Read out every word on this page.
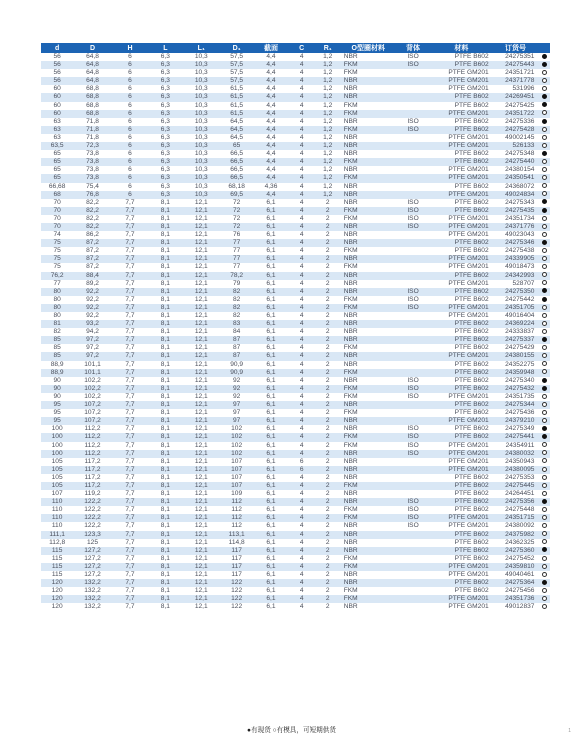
d	D	H	L	L₁	D₁	截面	C	R₁	O型圈材料	背体	材料	订货号	
56	64,8	6	6,3	10,3	57,5	4,4	4	1,2	NBR	ISO	PTFE B602	24275351	
56	64,8	6	6,3	10,3	57,5	4,4	4	1,2	FKM	ISO	PTFE B602	24275443	
56	64,8	6	6,3	10,3	57,5	4,4	4	1,2	FKM		PTFE GM201	24351721	
56	64,8	6	6,3	10,3	57,5	4,4	4	1,2	NBR		PTFE GM201	24371778	
60	68,8	6	6,3	10,3	61,5	4,4	4	1,2	NBR		PTFE GM201	531996	
60	68,8	6	6,3	10,3	61,5	4,4	4	1,2	NBR		PTFE B602	24269451	
60	68,8	6	6,3	10,3	61,5	4,4	4	1,2	FKM		PTFE B602	24275425	
60	68,8	6	6,3	10,3	61,5	4,4	4	1,2	FKM		PTFE GM201	24351722	
63	71,8	6	6,3	10,3	64,5	4,4	4	1,2	NBR	ISO	PTFE B602	24275336	
63	71,8	6	6,3	10,3	64,5	4,4	4	1,2	FKM	ISO	PTFE B602	24275428	
63	71,8	6	6,3	10,3	64,5	4,4	4	1,2	NBR		PTFE GM201	49002145	
63,5	72,3	6	6,3	10,3	65	4,4	4	1,2	NBR		PTFE GM201	526133	
65	73,8	6	6,3	10,3	66,5	4,4	4	1,2	NBR		PTFE B602	24275348	
65	73,8	6	6,3	10,3	66,5	4,4	4	1,2	FKM		PTFE B602	24275440	
65	73,8	6	6,3	10,3	66,5	4,4	4	1,2	NBR		PTFE GM201	24380154	
65	73,8	6	6,3	10,3	66,5	4,4	4	1,2	FKM		PTFE GM201	24350541	
66,68	75,4	6	6,3	10,3	68,18	4,36	4	1,2	NBR		PTFE B602	24368072	
68	76,8	6	6,3	10,3	69,5	4,4	4	1,2	NBR		PTFE GM201	49024834	
70	82,2	7,7	8,1	12,1	72	6,1	4	2	NBR	ISO	PTFE B602	24275343	
70	82,2	7,7	8,1	12,1	72	6,1	4	2	FKM	ISO	PTFE B602	24275435	
70	82,2	7,7	8,1	12,1	72	6,1	4	2	FKM	ISO	PTFE GM201	24351734	
70	82,2	7,7	8,1	12,1	72	6,1	4	2	NBR	ISO	PTFE GM201	24371776	
74	86,2	7,7	8,1	12,1	76	6,1	4	2	NBR		PTFE GM201	49023043	
75	87,2	7,7	8,1	12,1	77	6,1	4	2	NBR		PTFE B602	24275346	
75	87,2	7,7	8,1	12,1	77	6,1	4	2	FKM		PTFE B602	24275438	
75	87,2	7,7	8,1	12,1	77	6,1	4	2	NBR		PTFE GM201	24339905	
75	87,2	7,7	8,1	12,1	77	6,1	4	2	FKM		PTFE GM201	49018473	
76,2	88,4	7,7	8,1	12,1	78,2	6,1	4	2	NBR		PTFE B602	24342993	
77	89,2	7,7	8,1	12,1	79	6,1	4	2	NBR		PTFE GM201	528707	
80	92,2	7,7	8,1	12,1	82	6,1	4	2	NBR	ISO	PTFE B602	24275350	
80	92,2	7,7	8,1	12,1	82	6,1	4	2	FKM	ISO	PTFE B602	24275442	
80	92,2	7,7	8,1	12,1	82	6,1	4	2	FKM	ISO	PTFE GM201	24351705	
80	92,2	7,7	8,1	12,1	82	6,1	4	2	NBR		PTFE GM201	49016404	
81	93,2	7,7	8,1	12,1	83	6,1	4	2	NBR		PTFE B602	24369224	
82	94,2	7,7	8,1	12,1	84	6,1	4	2	NBR		PTFE B602	24333837	
85	97,2	7,7	8,1	12,1	87	6,1	4	2	NBR		PTFE B602	24275337	
85	97,2	7,7	8,1	12,1	87	6,1	4	2	FKM		PTFE B602	24275429	
85	97,2	7,7	8,1	12,1	87	6,1	4	2	NBR		PTFE GM201	24380155	
88,9	101,1	7,7	8,1	12,1	90,9	6,1	4	2	NBR		PTFE B602	24352275	
88,9	101,1	7,7	8,1	12,1	90,9	6,1	4	2	FKM		PTFE B602	24359948	
90	102,2	7,7	8,1	12,1	92	6,1	4	2	NBR	ISO	PTFE B602	24275340	
90	102,2	7,7	8,1	12,1	92	6,1	4	2	FKM	ISO	PTFE B602	24275432	
90	102,2	7,7	8,1	12,1	92	6,1	4	2	FKM	ISO	PTFE GM201	24351735	
95	107,2	7,7	8,1	12,1	97	6,1	4	2	NBR		PTFE B602	24275344	
95	107,2	7,7	8,1	12,1	97	6,1	4	2	FKM		PTFE B602	24275436	
95	107,2	7,7	8,1	12,1	97	6,1	4	2	NBR		PTFE GM201	24379210	
100	112,2	7,7	8,1	12,1	102	6,1	4	2	NBR	ISO	PTFE B602	24275349	
100	112,2	7,7	8,1	12,1	102	6,1	4	2	FKM	ISO	PTFE B602	24275441	
100	112,2	7,7	8,1	12,1	102	6,1	4	2	FKM	ISO	PTFE GM201	24354911	
100	112,2	7,7	8,1	12,1	102	6,1	4	2	NBR	ISO	PTFE GM201	24380032	
105	117,2	7,7	8,1	12,1	107	6,1	6	2	NBR		PTFE GM201	24350943	
105	117,2	7,7	8,1	12,1	107	6,1	6	2	NBR		PTFE GM201	24380095	
105	117,2	7,7	8,1	12,1	107	6,1	4	2	NBR		PTFE B602	24275353	
105	117,2	7,7	8,1	12,1	107	6,1	4	2	FKM		PTFE B602	24275445	
107	119,2	7,7	8,1	12,1	109	6,1	4	2	NBR		PTFE B602	24264451	
110	122,2	7,7	8,1	12,1	112	6,1	4	2	NBR	ISO	PTFE B602	24275356	
110	122,2	7,7	8,1	12,1	112	6,1	4	2	FKM	ISO	PTFE B602	24275448	
110	122,2	7,7	8,1	12,1	112	6,1	4	2	FKM	ISO	PTFE GM201	24351715	
110	122,2	7,7	8,1	12,1	112	6,1	4	2	NBR	ISO	PTFE GM201	24380092	
111,1	123,3	7,7	8,1	12,1	113,1	6,1	4	2	NBR		PTFE B602	24375982	
112,8	125	7,7	8,1	12,1	114,8	6,1	4	2	NBR		PTFE B602	24362325	
115	127,2	7,7	8,1	12,1	117	6,1	4	2	NBR		PTFE B602	24275360	
115	127,2	7,7	8,1	12,1	117	6,1	4	2	FKM		PTFE B602	24275452	
115	127,2	7,7	8,1	12,1	117	6,1	4	2	FKM		PTFE GM201	24359810	
115	127,2	7,7	8,1	12,1	117	6,1	4	2	NBR		PTFE GM201	49040461	
120	132,2	7,7	8,1	12,1	122	6,1	4	2	NBR		PTFE B602	24275364	
120	132,2	7,7	8,1	12,1	122	6,1	4	2	FKM		PTFE B602	24275456	
120	132,2	7,7	8,1	12,1	122	6,1	4	2	FKM		PTFE GM201	24351736	
120	132,2	7,7	8,1	12,1	122	6,1	4	2	NBR		PTFE GM201	49012837	
●有现货 ○有模具，可短期供货	1
